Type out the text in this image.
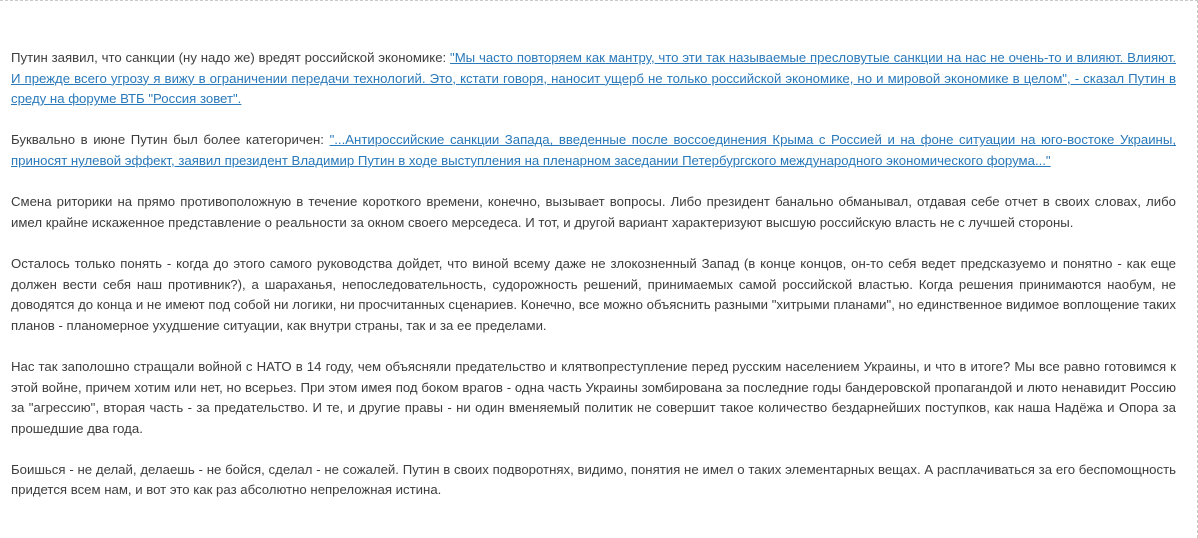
Путин заявил, что санкции (ну надо же) вредят российской экономике: "Мы часто повторяем как мантру, что эти так называемые пресловутые санкции на нас не очень-то и влияют. Влияют. И прежде всего угрозу я вижу в ограничении передачи технологий. Это, кстати говоря, наносит ущерб не только российской экономике, но и мировой экономике в целом", - сказал Путин в среду на форуме ВТБ "Россия зовет".

Буквально в июне Путин был более категоричен: "...Антироссийские санкции Запада, введенные после воссоединения Крыма с Россией и на фоне ситуации на юго-востоке Украины, приносят нулевой эффект, заявил президент Владимир Путин в ходе выступления на пленарном заседании Петербургского международного экономического форума..."

Смена риторики на прямо противоположную в течение короткого времени, конечно, вызывает вопросы. Либо президент банально обманывал, отдавая себе отчет в своих словах, либо имел крайне искаженное представление о реальности за окном своего мерседеса. И тот, и другой вариант характеризуют высшую российскую власть не с лучшей стороны.

Осталось только понять - когда до этого самого руководства дойдет, что виной всему даже не злокозненный Запад (в конце концов, он-то себя ведет предсказуемо и понятно - как еще должен вести себя наш противник?), а шараханья, непоследовательность, судорожность решений, принимаемых самой российской властью. Когда решения принимаются наобум, не доводятся до конца и не имеют под собой ни логики, ни просчитанных сценариев. Конечно, все можно объяснить разными "хитрыми планами", но единственное видимое воплощение таких планов - планомерное ухудшение ситуации, как внутри страны, так и за ее пределами.

Нас так заполошно стращали войной с НАТО в 14 году, чем объясняли предательство и клятвопреступление перед русским населением Украины, и что в итоге? Мы все равно готовимся к этой войне, причем хотим или нет, но всерьез. При этом имея под боком врагов - одна часть Украины зомбирована за последние годы бандеровской пропагандой и люто ненавидит Россию за "агрессию", вторая часть - за предательство. И те, и другие правы - ни один вменяемый политик не совершит такое количество бездарнейших поступков, как наша Надёжа и Опора за прошедшие два года.

Боишься - не делай, делаешь - не бойся, сделал - не сожалей. Путин в своих подворотнях, видимо, понятия не имел о таких элементарных вещах. А расплачиваться за его беспомощность придется всем нам, и вот это как раз абсолютно непреложная истина.
